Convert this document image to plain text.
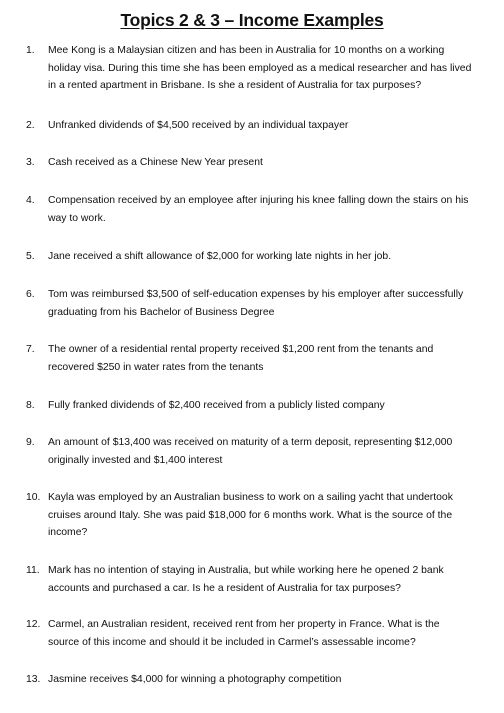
Topics 2 & 3 – Income Examples
1. Mee Kong is a Malaysian citizen and has been in Australia for 10 months on a working
holiday visa. During this time she has been employed as a medical researcher and has lived
in a rented apartment in Brisbane. Is she a resident of Australia for tax purposes?
2. Unfranked dividends of $4,500 received by an individual taxpayer
3. Cash received as a Chinese New Year present
4. Compensation received by an employee after injuring his knee falling down the stairs on his
way to work.
5. Jane received a shift allowance of $2,000 for working late nights in her job.
6. Tom was reimbursed $3,500 of self-education expenses by his employer after successfully
graduating from his Bachelor of Business Degree
7. The owner of a residential rental property received $1,200 rent from the tenants and
recovered $250 in water rates from the tenants
8. Fully franked dividends of $2,400 received from a publicly listed company
9. An amount of $13,400 was received on maturity of a term deposit, representing $12,000
originally invested and $1,400 interest
10. Kayla was employed by an Australian business to work on a sailing yacht that undertook
cruises around Italy. She was paid $18,000 for 6 months work. What is the source of the
income?
11. Mark has no intention of staying in Australia, but while working here he opened 2 bank
accounts and purchased a car. Is he a resident of Australia for tax purposes?
12. Carmel, an Australian resident, received rent from her property in France. What is the
source of this income and should it be included in Carmel’s assessable income?
13. Jasmine receives $4,000 for winning a photography competition
